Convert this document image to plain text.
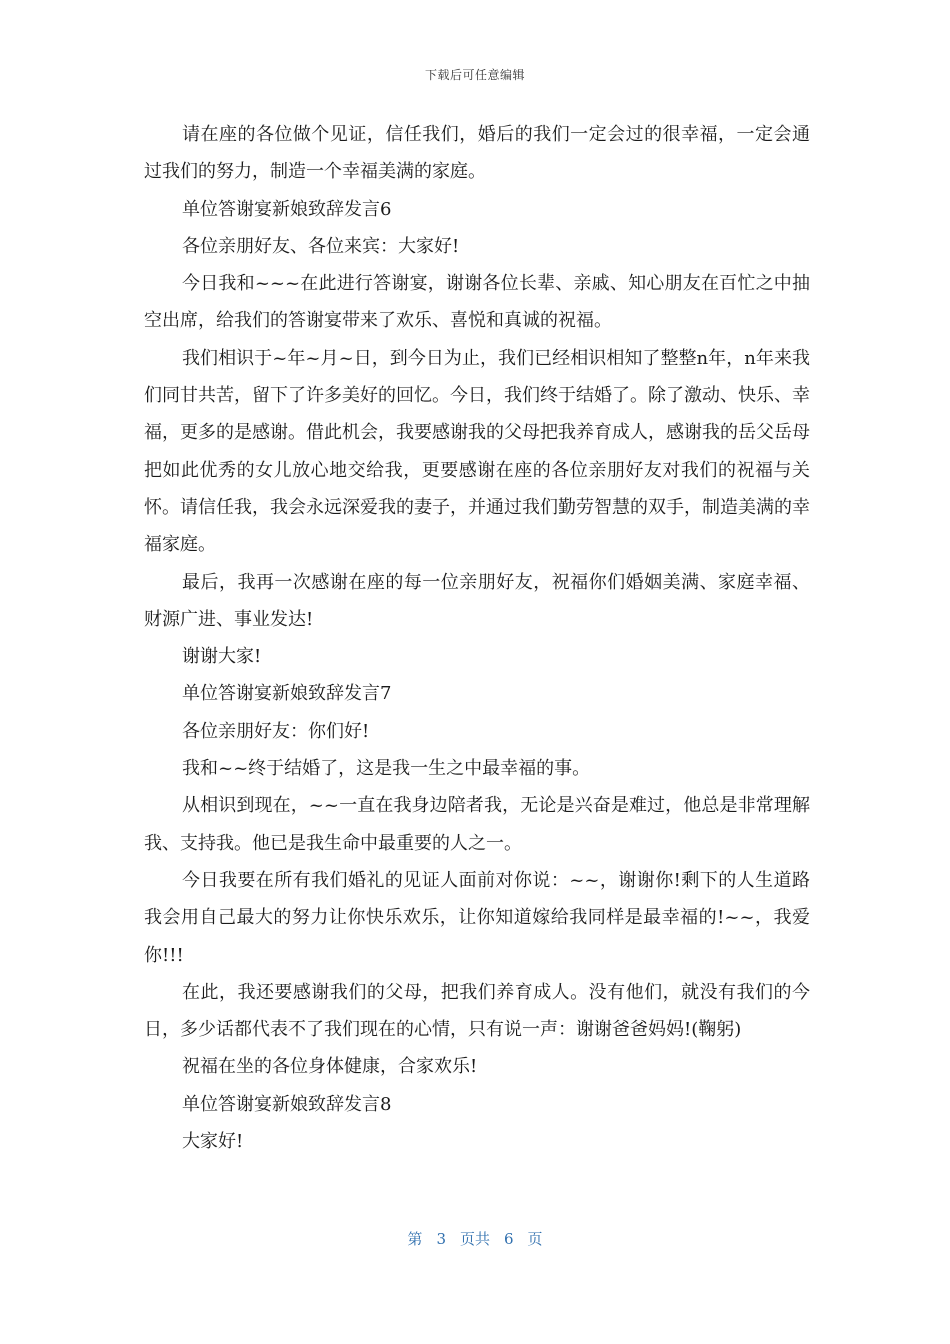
下载后可任意编辑

请在座的各位做个见证，信任我们，婚后的我们一定会过的很幸福，一定会通过我们的努力，制造一个幸福美满的家庭。

单位答谢宴新娘致辞发言6

各位亲朋好友、各位来宾：大家好!

今日我和~~~在此进行答谢宴，谢谢各位长辈、亲戚、知心朋友在百忙之中抽空出席，给我们的答谢宴带来了欢乐、喜悦和真诚的祝福。

我们相识于~年~月~日，到今日为止，我们已经相识相知了整整n年，n年来我们同甘共苦，留下了许多美好的回忆。今日，我们终于结婚了。除了激动、快乐、幸福，更多的是感谢。借此机会，我要感谢我的父母把我养育成人，感谢我的岳父岳母把如此优秀的女儿放心地交给我，更要感谢在座的各位亲朋好友对我们的祝福与关怀。请信任我，我会永远深爱我的妻子，并通过我们勤劳智慧的双手，制造美满的幸福家庭。

最后，我再一次感谢在座的每一位亲朋好友，祝福你们婚姻美满、家庭幸福、财源广进、事业发达!

谢谢大家!

单位答谢宴新娘致辞发言7

各位亲朋好友：你们好!

我和~~终于结婚了，这是我一生之中最幸福的事。

从相识到现在，~~一直在我身边陪者我，无论是兴奋是难过，他总是非常理解我、支持我。他已是我生命中最重要的人之一。

今日我要在所有我们婚礼的见证人面前对你说：~~，谢谢你!剩下的人生道路我会用自己最大的努力让你快乐欢乐，让你知道嫁给我同样是最幸福的!~~，我爱你!!!

在此，我还要感谢我们的父母，把我们养育成人。没有他们，就没有我们的今日，多少话都代表不了我们现在的心情，只有说一声：谢谢爸爸妈妈!(鞠躬)

祝福在坐的各位身体健康，合家欢乐!

单位答谢宴新娘致辞发言8

大家好!

第 3 页共 6 页
